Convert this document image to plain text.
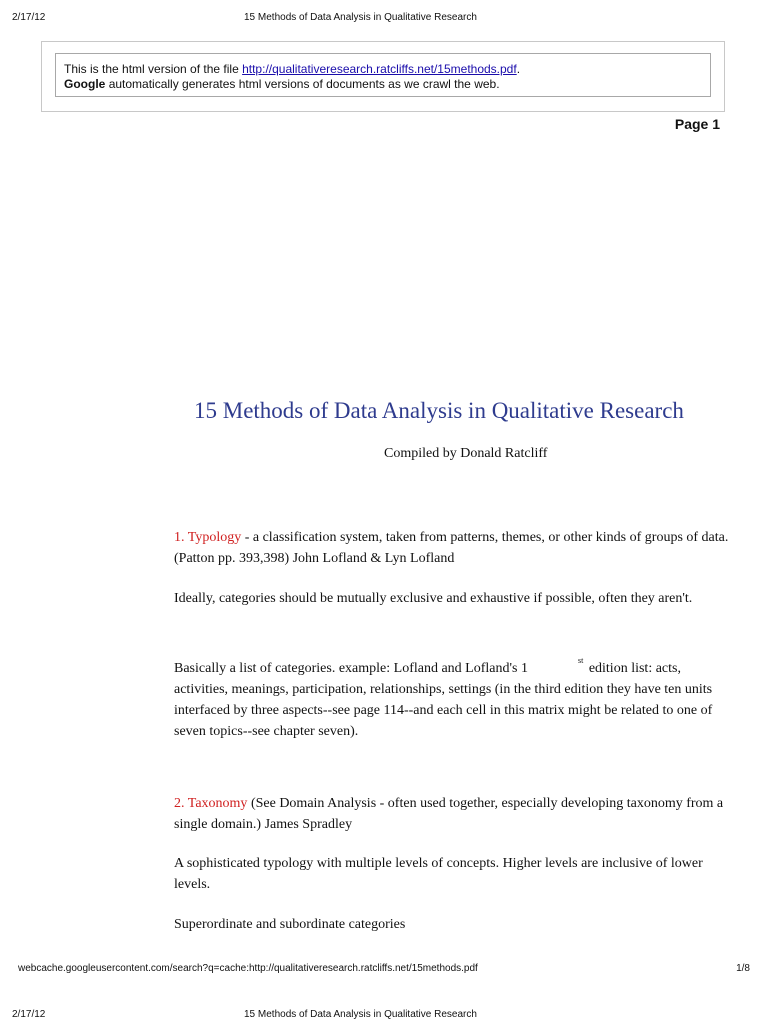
2/17/12	15 Methods of Data Analysis in Qualitative Research
This is the html version of the file http://qualitativeresearch.ratcliffs.net/15methods.pdf.
Google automatically generates html versions of documents as we crawl the web.
Page 1
15 Methods of Data Analysis in Qualitative Research
Compiled by Donald Ratcliff

1. Typology - a classification system, taken from patterns, themes, or other kinds of groups of data. (Patton pp. 393,398) John Lofland & Lyn Lofland

Ideally, categories should be mutually exclusive and exhaustive if possible, often they aren't.

Basically a list of categories. example: Lofland and Lofland's 1st edition list: acts, activities, meanings, participation, relationships, settings (in the third edition they have ten units interfaced by three aspects--see page 114--and each cell in this matrix might be related to one of seven topics--see chapter seven).

2. Taxonomy (See Domain Analysis - often used together, especially developing taxonomy from a single domain.) James Spradley

A sophisticated typology with multiple levels of concepts. Higher levels are inclusive of lower levels.

Superordinate and subordinate categories

webcache.googleusercontent.com/search?q=cache:http://qualitativeresearch.ratcliffs.net/15methods.pdf	1/8
2/17/12	15 Methods of Data Analysis in Qualitative Research
